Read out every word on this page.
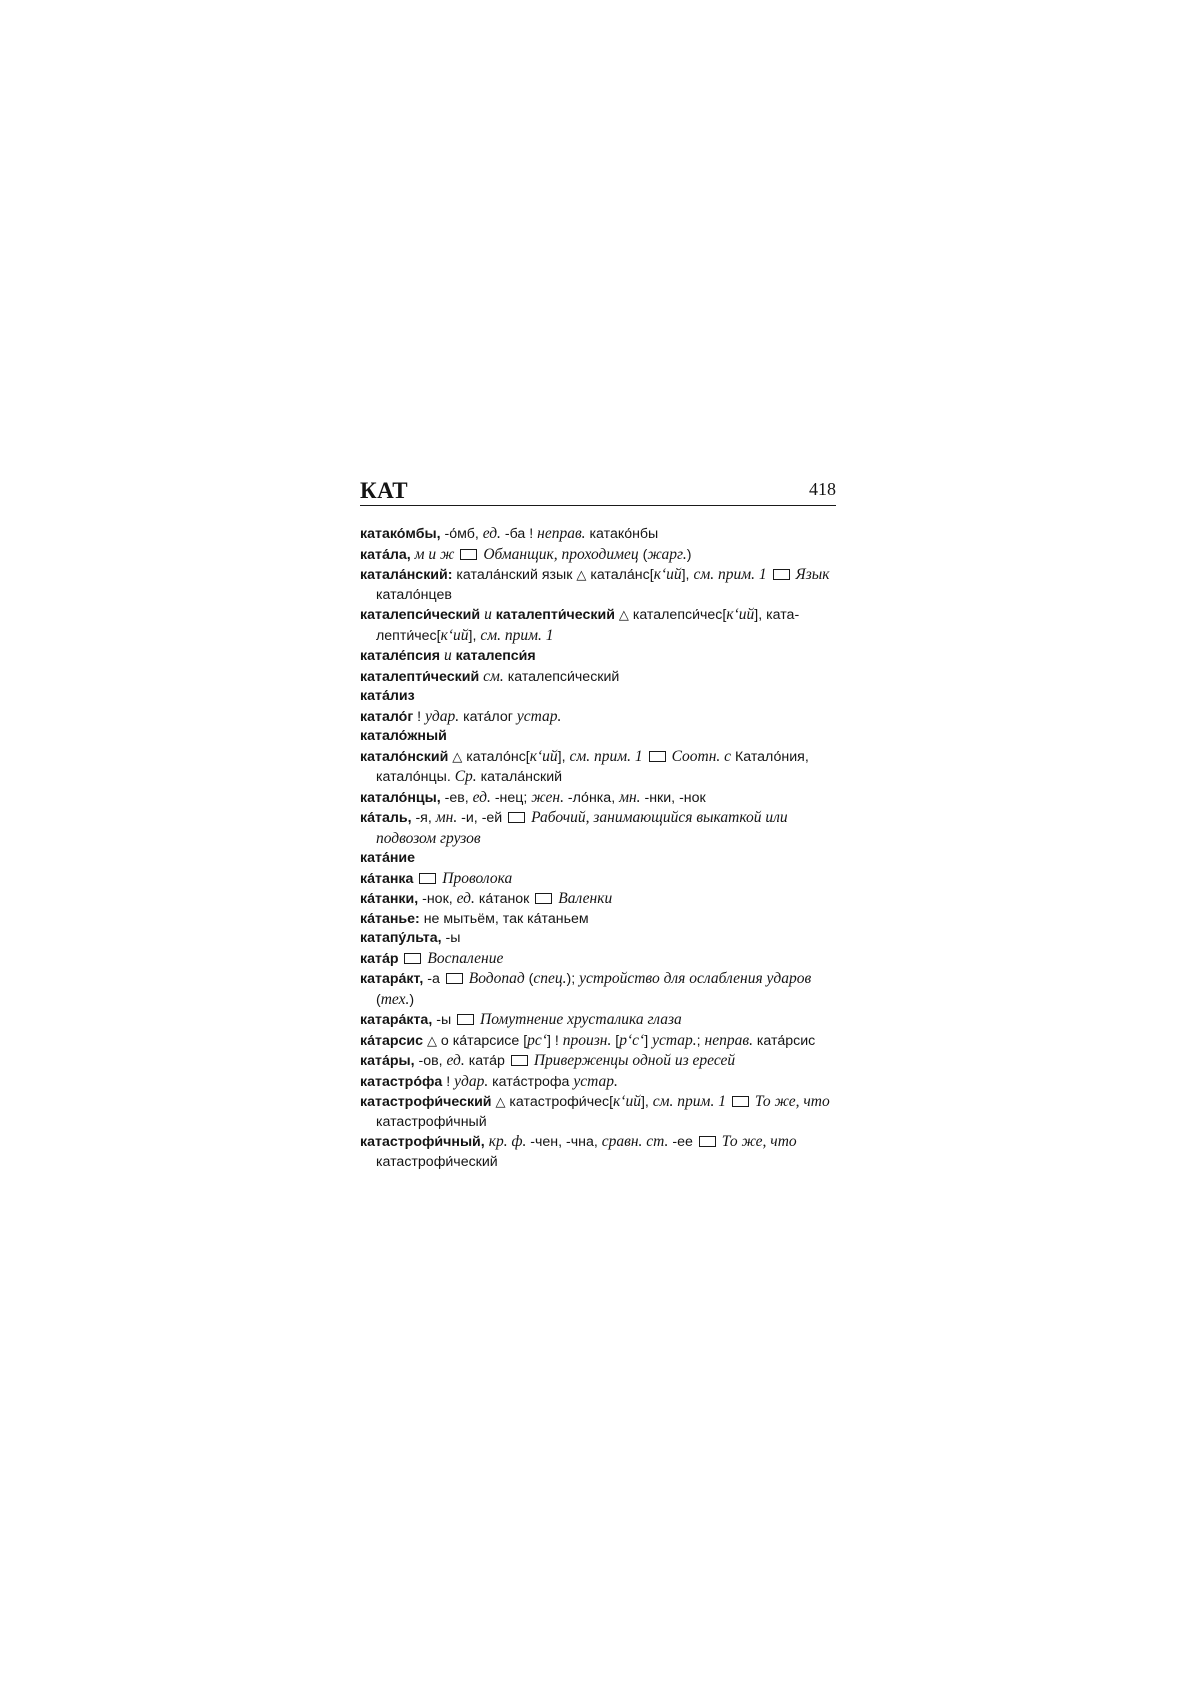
КАТ	418
катако́мбы, -о́мб, ед. -ба ! неправ. катако́нбы
ката́ла, м и ж Обманщик, проходимец (жарг.)
катала́нский: катала́нский язык △ катала́нс[кʻий], см. прим. 1 Язык катало́нцев
каталепси́ческий и каталепти́ческий △ каталепси́чес[кʻий], каталепти́чес[кʻий], см. прим. 1
катале́псия и каталепси́я
каталепти́ческий см. каталепси́ческий
ката́лиз
катало́г ! удар. ката́лог устар.
катало́жный
катало́нский △ катало́нс[кʻий], см. прим. 1 Соотн. с Катало́ния, катало́нцы. Ср. катала́нский
катало́нцы, -ев, ед. -нец; жен. -ло́нка, мн. -нки, -нок
ка́таль, -я, мн. -и, -ей  Рабочий, занимающийся выкаткой или подвозом грузов
ката́ние
ка́танка Проволока
ка́танки, -нок, ед. ка́танок  Валенки
ка́танье: не мытьём, так ка́таньем
катапу́льта, -ы
ката́р Воспаление
катара́кт, -а  Водопад (спец.); устройство для ослабления ударов (тех.)
катара́кта, -ы  Помутнение хрусталика глаза
ка́тарсис △ о ка́тарсисе [рсʻ] ! произн. [рʻсʻ] устар.; неправ. ката́рсис
ката́ры, -ов, ед. ката́р  Приверженцы одной из ересей
катастро́фа ! удар. ката́строфа устар.
катастрофи́ческий △ катастрофи́чес[кʻий], см. прим. 1 То же, что катастрофи́чный
катастрофи́чный, кр. ф. -чен, -чна, сравн. ст. -ее  То же, что катастрофи́ческий
